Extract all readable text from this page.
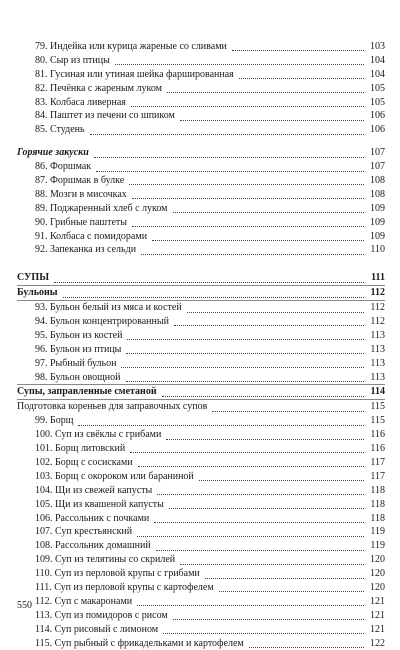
79. Индейка или курица жареные со сливами	103
80. Сыр из птицы	104
81. Гусиная или утиная шейка фаршированная	104
82. Печёнка с жареным луком	105
83. Колбаса ливерная	105
84. Паштет из печени со шпиком	106
85. Студень	106
Горячие закуски	107
86. Форшмак	107
87. Форшмак в булке	108
88. Мозги в мисочках	108
89. Поджаренный хлеб с луком	109
90. Грибные паштеты	109
91. Колбаса с помидорами	109
92. Запеканка из сельди	110
СУПЫ	111
Бульоны	112
93. Бульон белый из мяса и костей	112
94. Бульон концентрированный	112
95. Бульон из костей	113
96. Бульон из птицы	113
97. Рыбный бульон	113
98. Бульон овощной	113
Супы, заправленные сметаной	114
Подготовка кореньев для заправочных супов	115
99. Борщ	115
100. Суп из свёклы с грибами	116
101. Борщ литовский	116
102. Борщ с сосисками	117
103. Борщ с окороком или бараниной	117
104. Щи из свежей капусты	118
105. Щи из квашеной капусты	118
106. Рассольник с почками	118
107. Суп крестьянский	119
108. Рассольник домашний	119
109. Суп из телятины со скрилей	120
110. Суп из перловой крупы с грибами	120
111. Суп из перловой крупы с картофелем	120
112. Суп с макаронами	121
113. Суп из помидоров с рисом	121
114. Суп рисовый с лимоном	121
115. Суп рыбный с фрикадельками и картофелем	122
550
